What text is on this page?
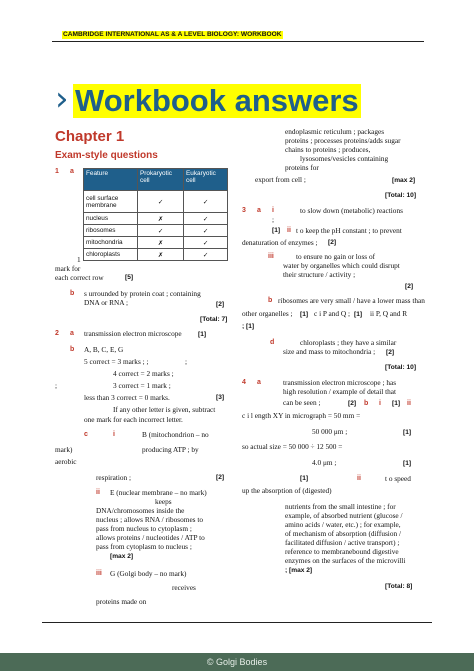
CAMBRIDGE INTERNATIONAL AS & A LEVEL BIOLOGY: WORKBOOK
› Workbook answers
Chapter 1
Exam-style questions
1 a Feature	Prokaryotic cell	Eukaryotic cell
cell surface membrane	✓	✓
nucleus	✗	✓
ribosomes	✓	✓
mitochondria	✗	✓
chloroplasts	✗	✓
1
mark for
each correct row	[5]
b s urrounded by protein coat ; containing
DNA or RNA ;	[2]
[Total: 7]
2 a transmission electron microscope [1]
b A, B, C, E, G
5 correct = 3 marks ; ;	;
4 correct = 2 marks ;
;	3 correct = 1 mark ;
less than 3 correct = 0 marks.	[3]
If any other letter is given, subtract
one mark for each incorrect letter.
c	i	B (mitochondrion – no
mark)	producing ATP ; by
aerobic
respiration ;	[2]
ii E (nuclear membrane – no mark)
keeps
DNA/chromosomes inside the
nucleus ; allows RNA / ribosomes to
pass from nucleus to cytoplasm ;
allows proteins / nucleotides / ATP to
pass from cytoplasm to nucleus ;
[max 2]
iii G (Golgi body – no mark)
receives
proteins made on
endoplasmic reticulum ; packages
proteins ; processes proteins/adds sugar
chains to proteins ; produces,
lysosomes/vesicles containing
proteins for
export from cell ;	[max 2]
[Total: 10]
3 a i	to slow down (metabolic) reactions
;
[1] ii t o keep the pH constant ; to prevent
denaturation of enzymes ; [2]
iii	to ensure no gain or loss of
water by organelles which could disrupt
their structure / activity ;
[2]
b ribosomes are very small / have a lower mass than
other organelles ; [1] c i P and Q ; [1] ii P, Q and R
; [1]
d	chloroplasts ; they have a similar
size and mass to mitochondria ; [2]
[Total: 10]
4 a	transmission electron microscope ; has
high resolution / example of detail that
can be seen ;	[2] b i [1] ii
c i l ength XY in micrograph = 50 mm =
50 000 μm ;	[1]
so actual size = 50 000 ÷ 12 500 =
4.0 μm ;	[1]
[1]	ii	t o speed
up the absorption of (digested)
nutrients from the small intestine ; for
example, of absorbed nutrient (glucose /
amino acids / water, etc.) ; for example,
of mechanism of absorption (diffusion /
facilitated diffusion / active transport) ;
reference to membranebound digestive
enzymes on the surfaces of the microvilli
; [max 2]
[Total: 8]
© Golgi Bodies
